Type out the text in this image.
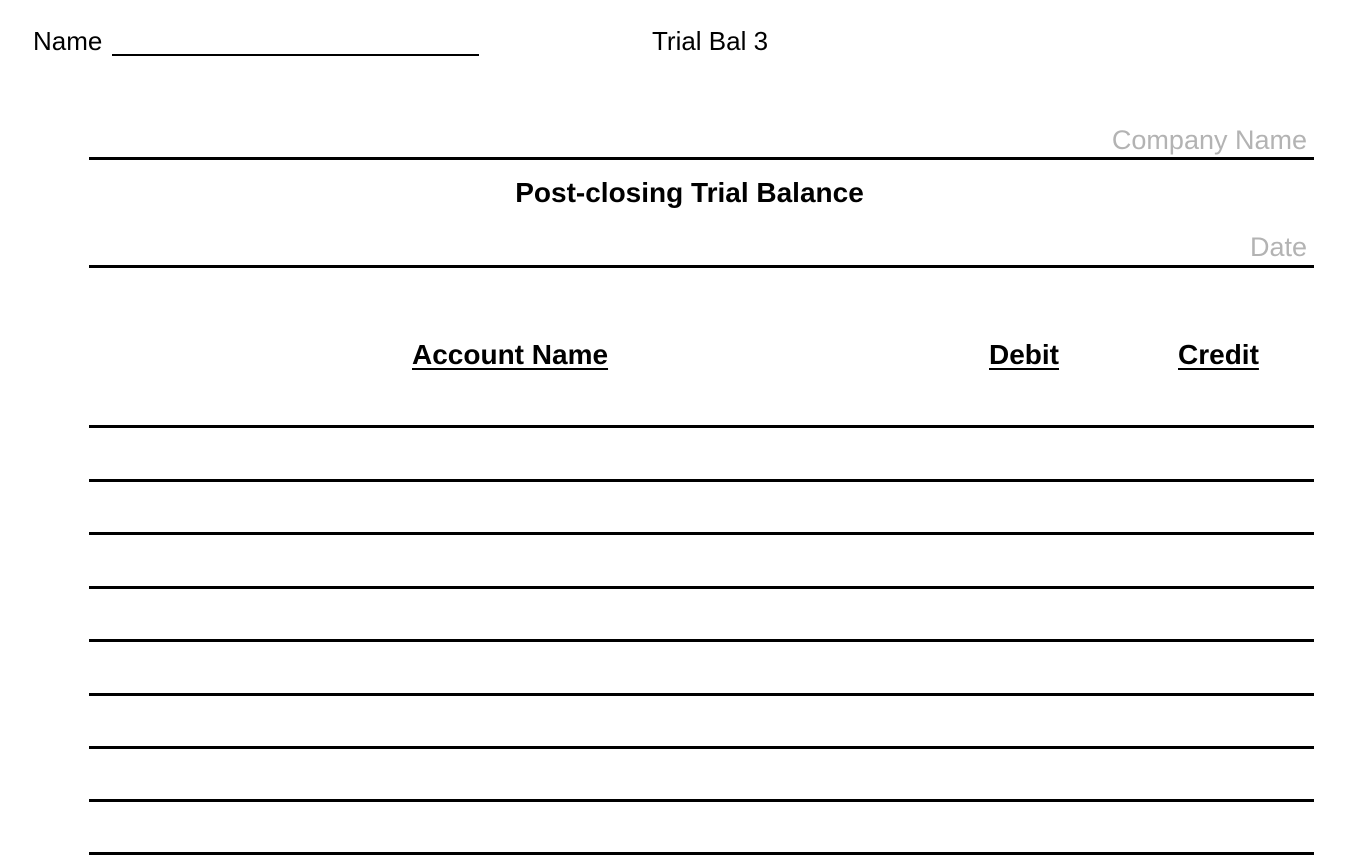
Name	Trial Bal 3
Company Name
Post-closing Trial Balance
Date
Account Name	Debit	Credit
